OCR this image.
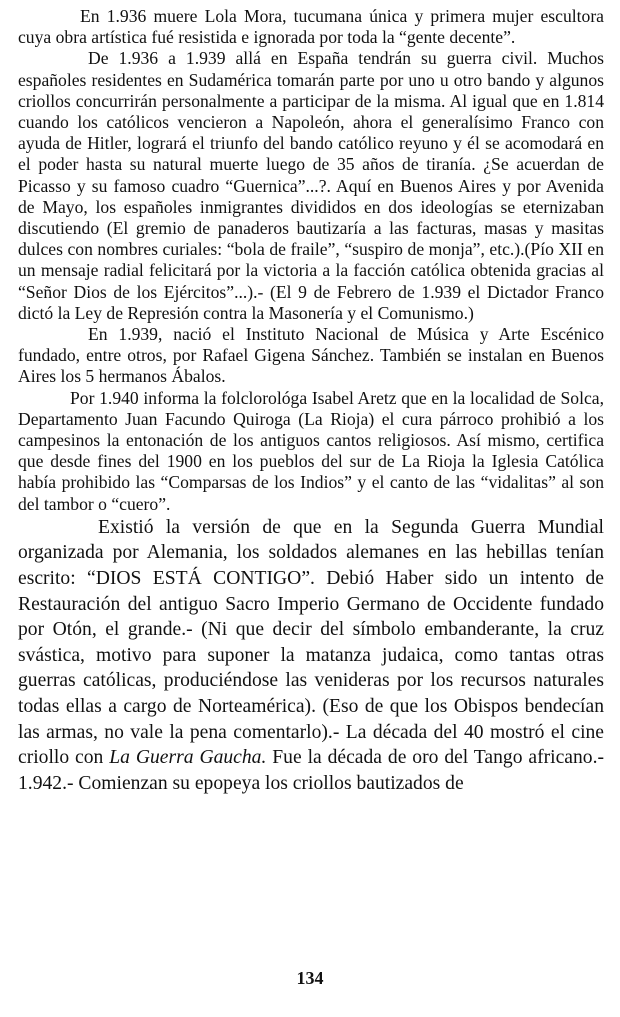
En 1.936 muere Lola Mora, tucumana única y primera mujer escultora cuya obra artística fué resistida e ignorada por toda la “gente decente”.

De 1.936 a 1.939 allá en España tendrán su guerra civil. Muchos españoles residentes en Sudamérica tomarán parte por uno u otro bando y algunos criollos concurrirán personalmente a participar de la misma. Al igual que en 1.814 cuando los católicos vencieron a Napoleón, ahora el generalísimo Franco con ayuda de Hitler, logrará el triunfo del bando católico reyuno y él se acomodará en el poder hasta su natural muerte luego de 35 años de tiranía. ¿Se acuerdan de Picasso y su famoso cuadro “Guernica”...?. Aquí en Buenos Aires y por Avenida de Mayo, los españoles inmigrantes divididos en dos ideologías se eternizaban discutiendo (El gremio de panaderos bautizaría a las facturas, masas y masitas dulces con nombres curiales: “bola de fraile”, “suspiro de monja”, etc.).(Pío XII en un mensaje radial felicitará por la victoria a la facción católica obtenida gracias al “Señor Dios de los Ejércitos”...).- (El 9 de Febrero de 1.939 el Dictador Franco dictó la Ley de Represión contra la Masonería y el Comunismo.)

En 1.939, nació el Instituto Nacional de Música y Arte Escénico fundado, entre otros, por Rafael Gigena Sánchez. También se instalan en Buenos Aires los 5 hermanos Ábalos.

Por 1.940 informa la folclorológa Isabel Aretz que en la localidad de Solca, Departamento Juan Facundo Quiroga (La Rioja) el cura párroco prohibió a los campesinos la entonación de los antiguos cantos religiosos. Así mismo, certifica que desde fines del 1900 en los pueblos del sur de La Rioja la Iglesia Católica había prohibido las “Comparsas de los Indios” y el canto de las “vidalitas” al son del tambor o “cuero”.

Existió la versión de que en la Segunda Guerra Mundial organizada por Alemania, los soldados alemanes en las hebillas tenían escrito: “DIOS ESTÁ CONTIGO”. Debió Haber sido un intento de Restauración del antiguo Sacro Imperio Germano de Occidente fundado por Otón, el grande.- (Ni que decir del símbolo embanderante, la cruz svástica, motivo para suponer la matanza judaica, como tantas otras guerras católicas, produciéndose las venideras por los recursos naturales todas ellas a cargo de Norteamérica). (Eso de que los Obispos bendecían las armas, no vale la pena comentarlo).- La década del 40 mostró el cine criollo con La Guerra Gaucha. Fue la década de oro del Tango africano.- 1.942.- Comienzan su epopeya los criollos bautizados de

134
